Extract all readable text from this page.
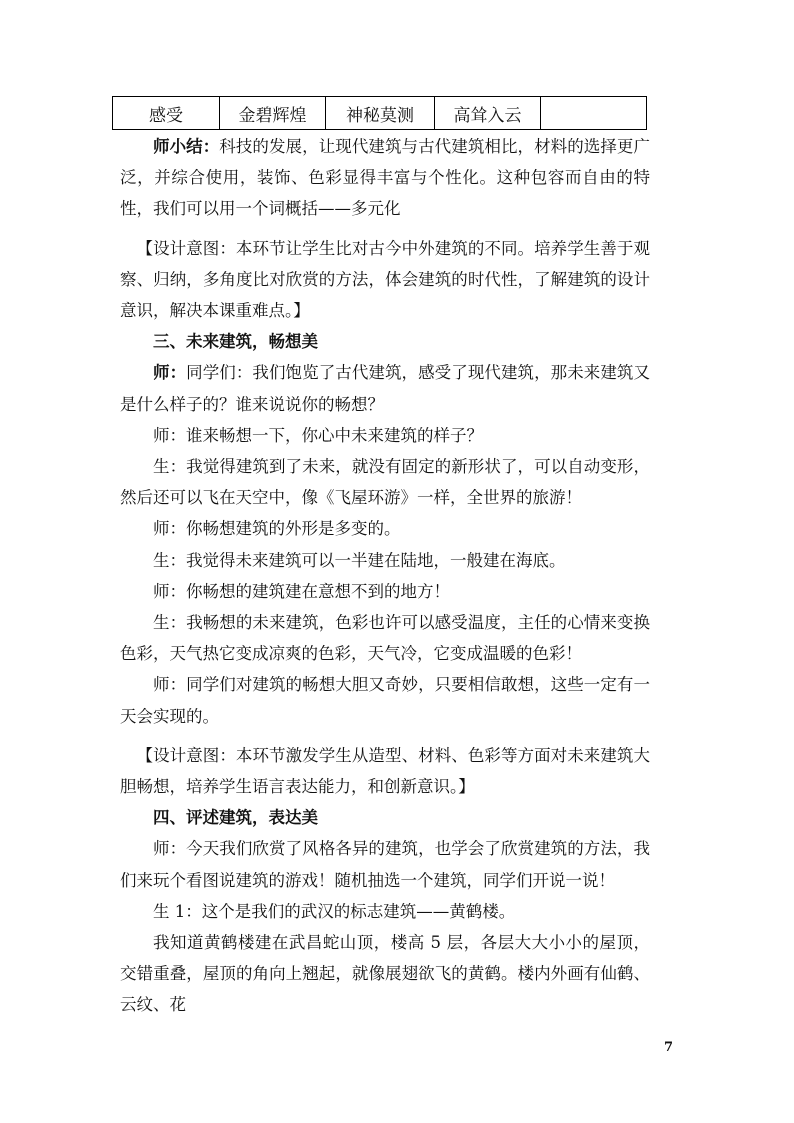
感受	金碧辉煌	神秘莫测	高耸入云	

师小结：科技的发展，让现代建筑与古代建筑相比，材料的选择更广泛，并综合使用，装饰、色彩显得丰富与个性化。这种包容而自由的特性，我们可以用一个词概括——多元化

【设计意图：本环节让学生比对古今中外建筑的不同。培养学生善于观察、归纳，多角度比对欣赏的方法，体会建筑的时代性，了解建筑的设计意识，解决本课重难点。】

三、未来建筑，畅想美

师：同学们：我们饱览了古代建筑，感受了现代建筑，那未来建筑又是什么样子的？谁来说说你的畅想？

师：谁来畅想一下，你心中未来建筑的样子？

生：我觉得建筑到了未来，就没有固定的新形状了，可以自动变形，然后还可以飞在天空中，像《飞屋环游》一样，全世界的旅游！

师：你畅想建筑的外形是多变的。

生：我觉得未来建筑可以一半建在陆地，一般建在海底。

师：你畅想的建筑建在意想不到的地方！

生：我畅想的未来建筑，色彩也许可以感受温度，主任的心情来变换色彩，天气热它变成凉爽的色彩，天气冷，它变成温暖的色彩！

师：同学们对建筑的畅想大胆又奇妙，只要相信敢想，这些一定有一天会实现的。

【设计意图：本环节激发学生从造型、材料、色彩等方面对未来建筑大胆畅想，培养学生语言表达能力，和创新意识。】

四、评述建筑，表达美

师：今天我们欣赏了风格各异的建筑，也学会了欣赏建筑的方法，我们来玩个看图说建筑的游戏！随机抽选一个建筑，同学们开说一说！

生 1：这个是我们的武汉的标志建筑——黄鹤楼。

我知道黄鹤楼建在武昌蛇山顶，楼高 5 层，各层大大小小的屋顶，交错重叠，屋顶的角向上翘起，就像展翅欲飞的黄鹤。楼内外画有仙鹤、云纹、花

7
